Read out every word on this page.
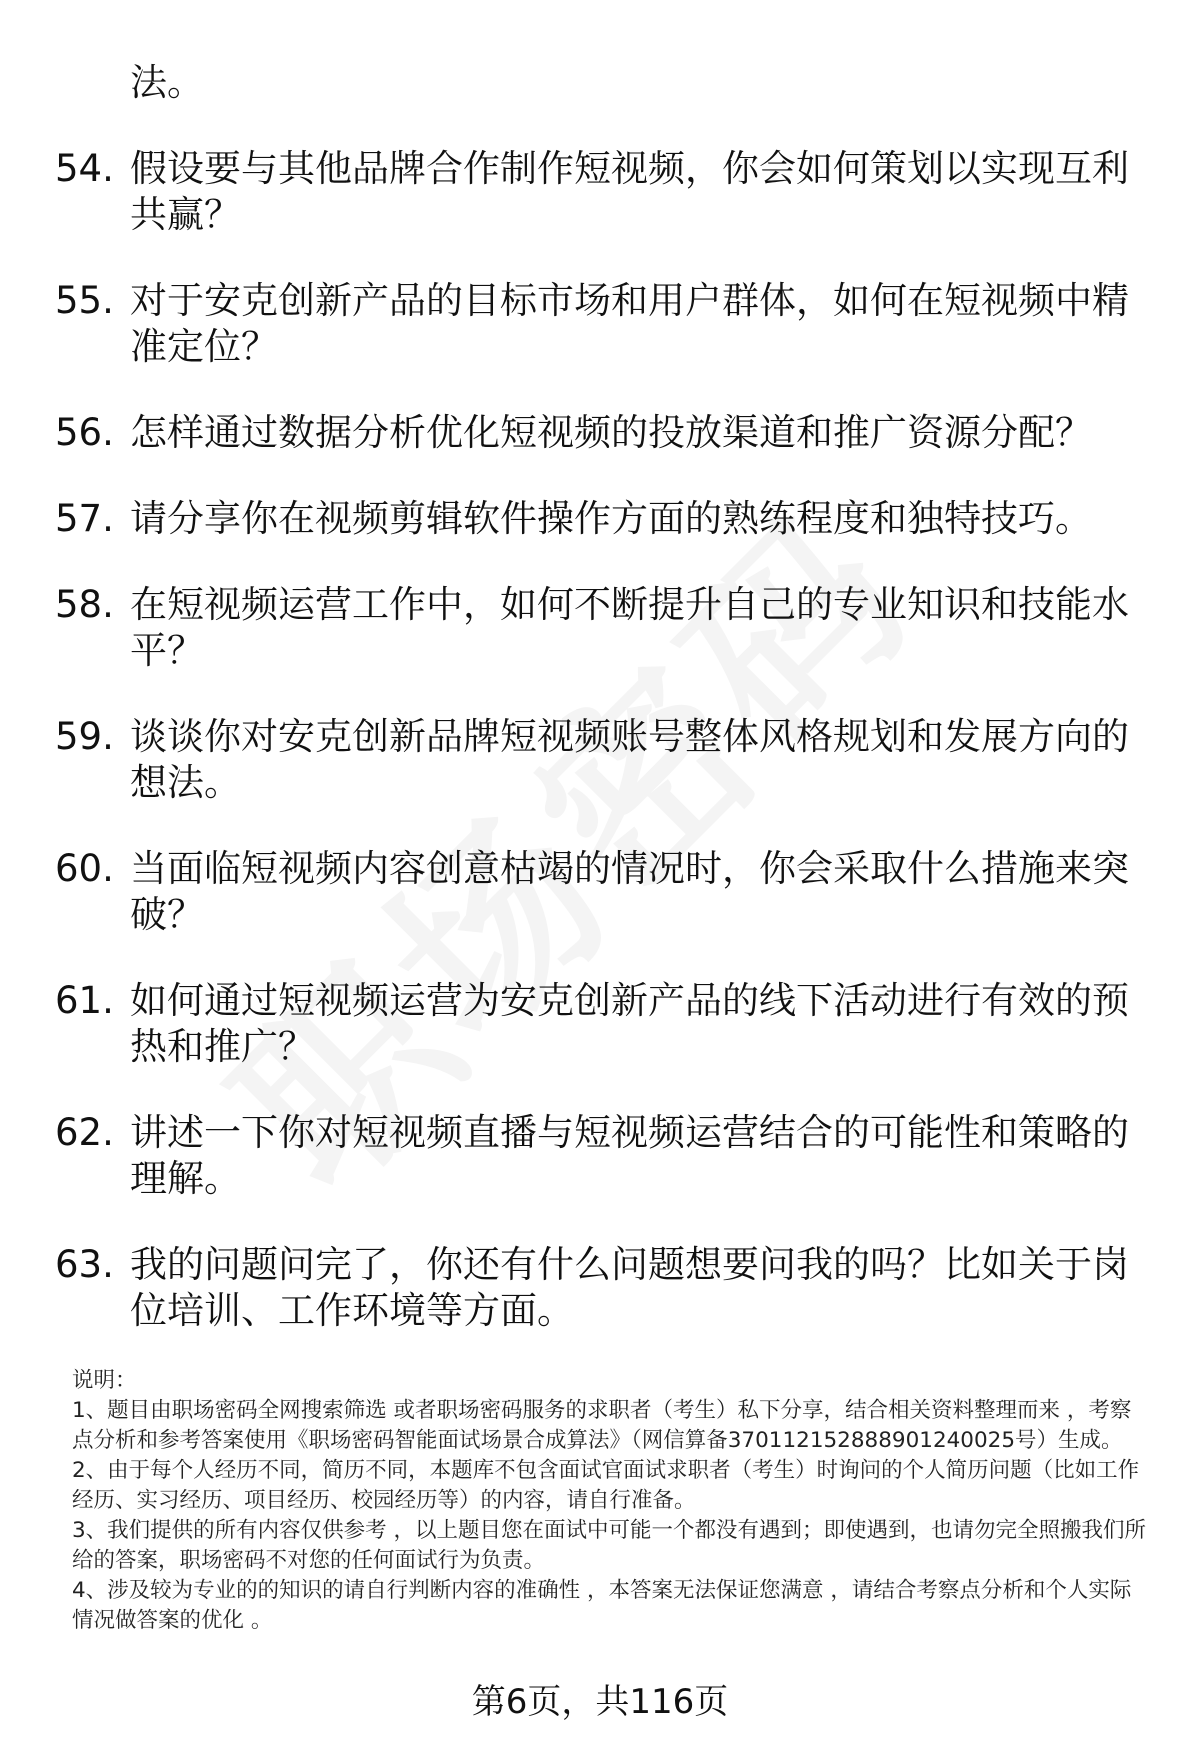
法。
54. 假设要与其他品牌合作制作短视频，你会如何策划以实现互利共赢？
55. 对于安克创新产品的目标市场和用户群体，如何在短视频中精准定位？
56. 怎样通过数据分析优化短视频的投放渠道和推广资源分配？
57. 请分享你在视频剪辑软件操作方面的熟练程度和独特技巧。
58. 在短视频运营工作中，如何不断提升自己的专业知识和技能水平？
59. 谈谈你对安克创新品牌短视频账号整体风格规划和发展方向的想法。
60. 当面临短视频内容创意枯竭的情况时，你会采取什么措施来突破？
61. 如何通过短视频运营为安克创新产品的线下活动进行有效的预热和推广？
62. 讲述一下你对短视频直播与短视频运营结合的可能性和策略的理解。
63. 我的问题问完了，你还有什么问题想要问我的吗？比如关于岗位培训、工作环境等方面。

说明：

1、题目由职场密码全网搜索筛选 或者职场密码服务的求职者（考生）私下分享，结合相关资料整理而来 ，考察点分析和参考答案使用《职场密码智能面试场景合成算法》（网信算备370112152888901240025号）生成。

2、由于每个人经历不同，简历不同，本题库不包含面试官面试求职者（考生）时询问的个人简历问题（比如工作经历、实习经历、项目经历、校园经历等）的内容，请自行准备。

3、我们提供的所有内容仅供参考 ，以上题目您在面试中可能一个都没有遇到；即使遇到，也请勿完全照搬我们所给的答案，职场密码不对您的任何面试行为负责。

4、涉及较为专业的的知识的请自行判断内容的准确性 ，本答案无法保证您满意 ，请结合考察点分析和个人实际情况做答案的优化 。

第6页，共116页
